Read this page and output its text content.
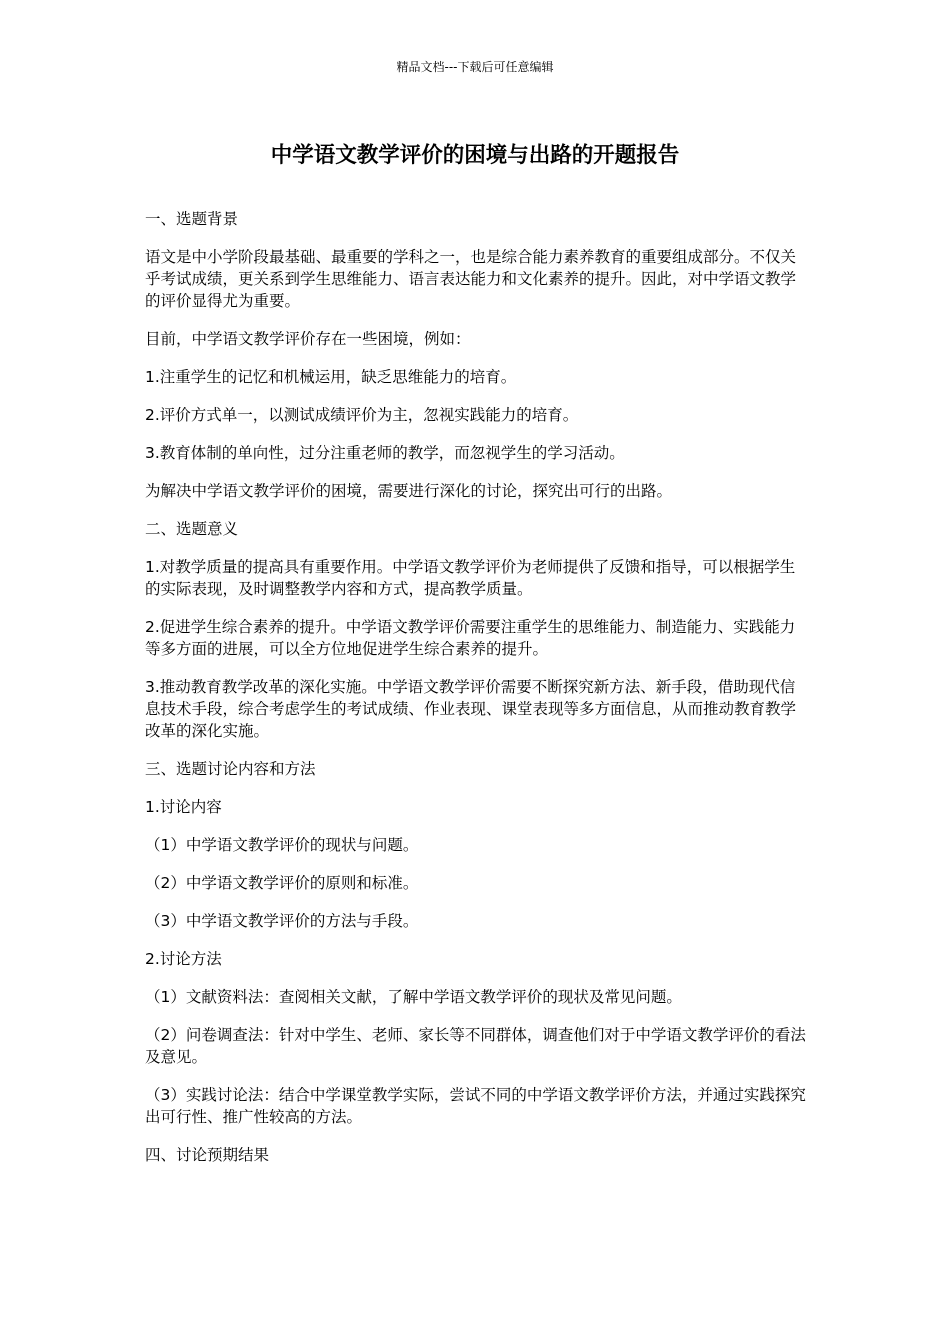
精品文档---下载后可任意编辑
中学语文教学评价的困境与出路的开题报告

一、选题背景

语文是中小学阶段最基础、最重要的学科之一，也是综合能力素养教育的重要组成部分。不仅关乎考试成绩，更关系到学生思维能力、语言表达能力和文化素养的提升。因此，对中学语文教学的评价显得尤为重要。

目前，中学语文教学评价存在一些困境，例如：

1.注重学生的记忆和机械运用，缺乏思维能力的培育。

2.评价方式单一，以测试成绩评价为主，忽视实践能力的培育。

3.教育体制的单向性，过分注重老师的教学，而忽视学生的学习活动。

为解决中学语文教学评价的困境，需要进行深化的讨论，探究出可行的出路。

二、选题意义

1.对教学质量的提高具有重要作用。中学语文教学评价为老师提供了反馈和指导，可以根据学生的实际表现，及时调整教学内容和方式，提高教学质量。

2.促进学生综合素养的提升。中学语文教学评价需要注重学生的思维能力、制造能力、实践能力等多方面的进展，可以全方位地促进学生综合素养的提升。

3.推动教育教学改革的深化实施。中学语文教学评价需要不断探究新方法、新手段，借助现代信息技术手段，综合考虑学生的考试成绩、作业表现、课堂表现等多方面信息，从而推动教育教学改革的深化实施。

三、选题讨论内容和方法

1.讨论内容

（1）中学语文教学评价的现状与问题。

（2）中学语文教学评价的原则和标准。

（3）中学语文教学评价的方法与手段。

2.讨论方法

（1）文献资料法：查阅相关文献，了解中学语文教学评价的现状及常见问题。

（2）问卷调查法：针对中学生、老师、家长等不同群体，调查他们对于中学语文教学评价的看法及意见。

（3）实践讨论法：结合中学课堂教学实际，尝试不同的中学语文教学评价方法，并通过实践探究出可行性、推广性较高的方法。

四、讨论预期结果
